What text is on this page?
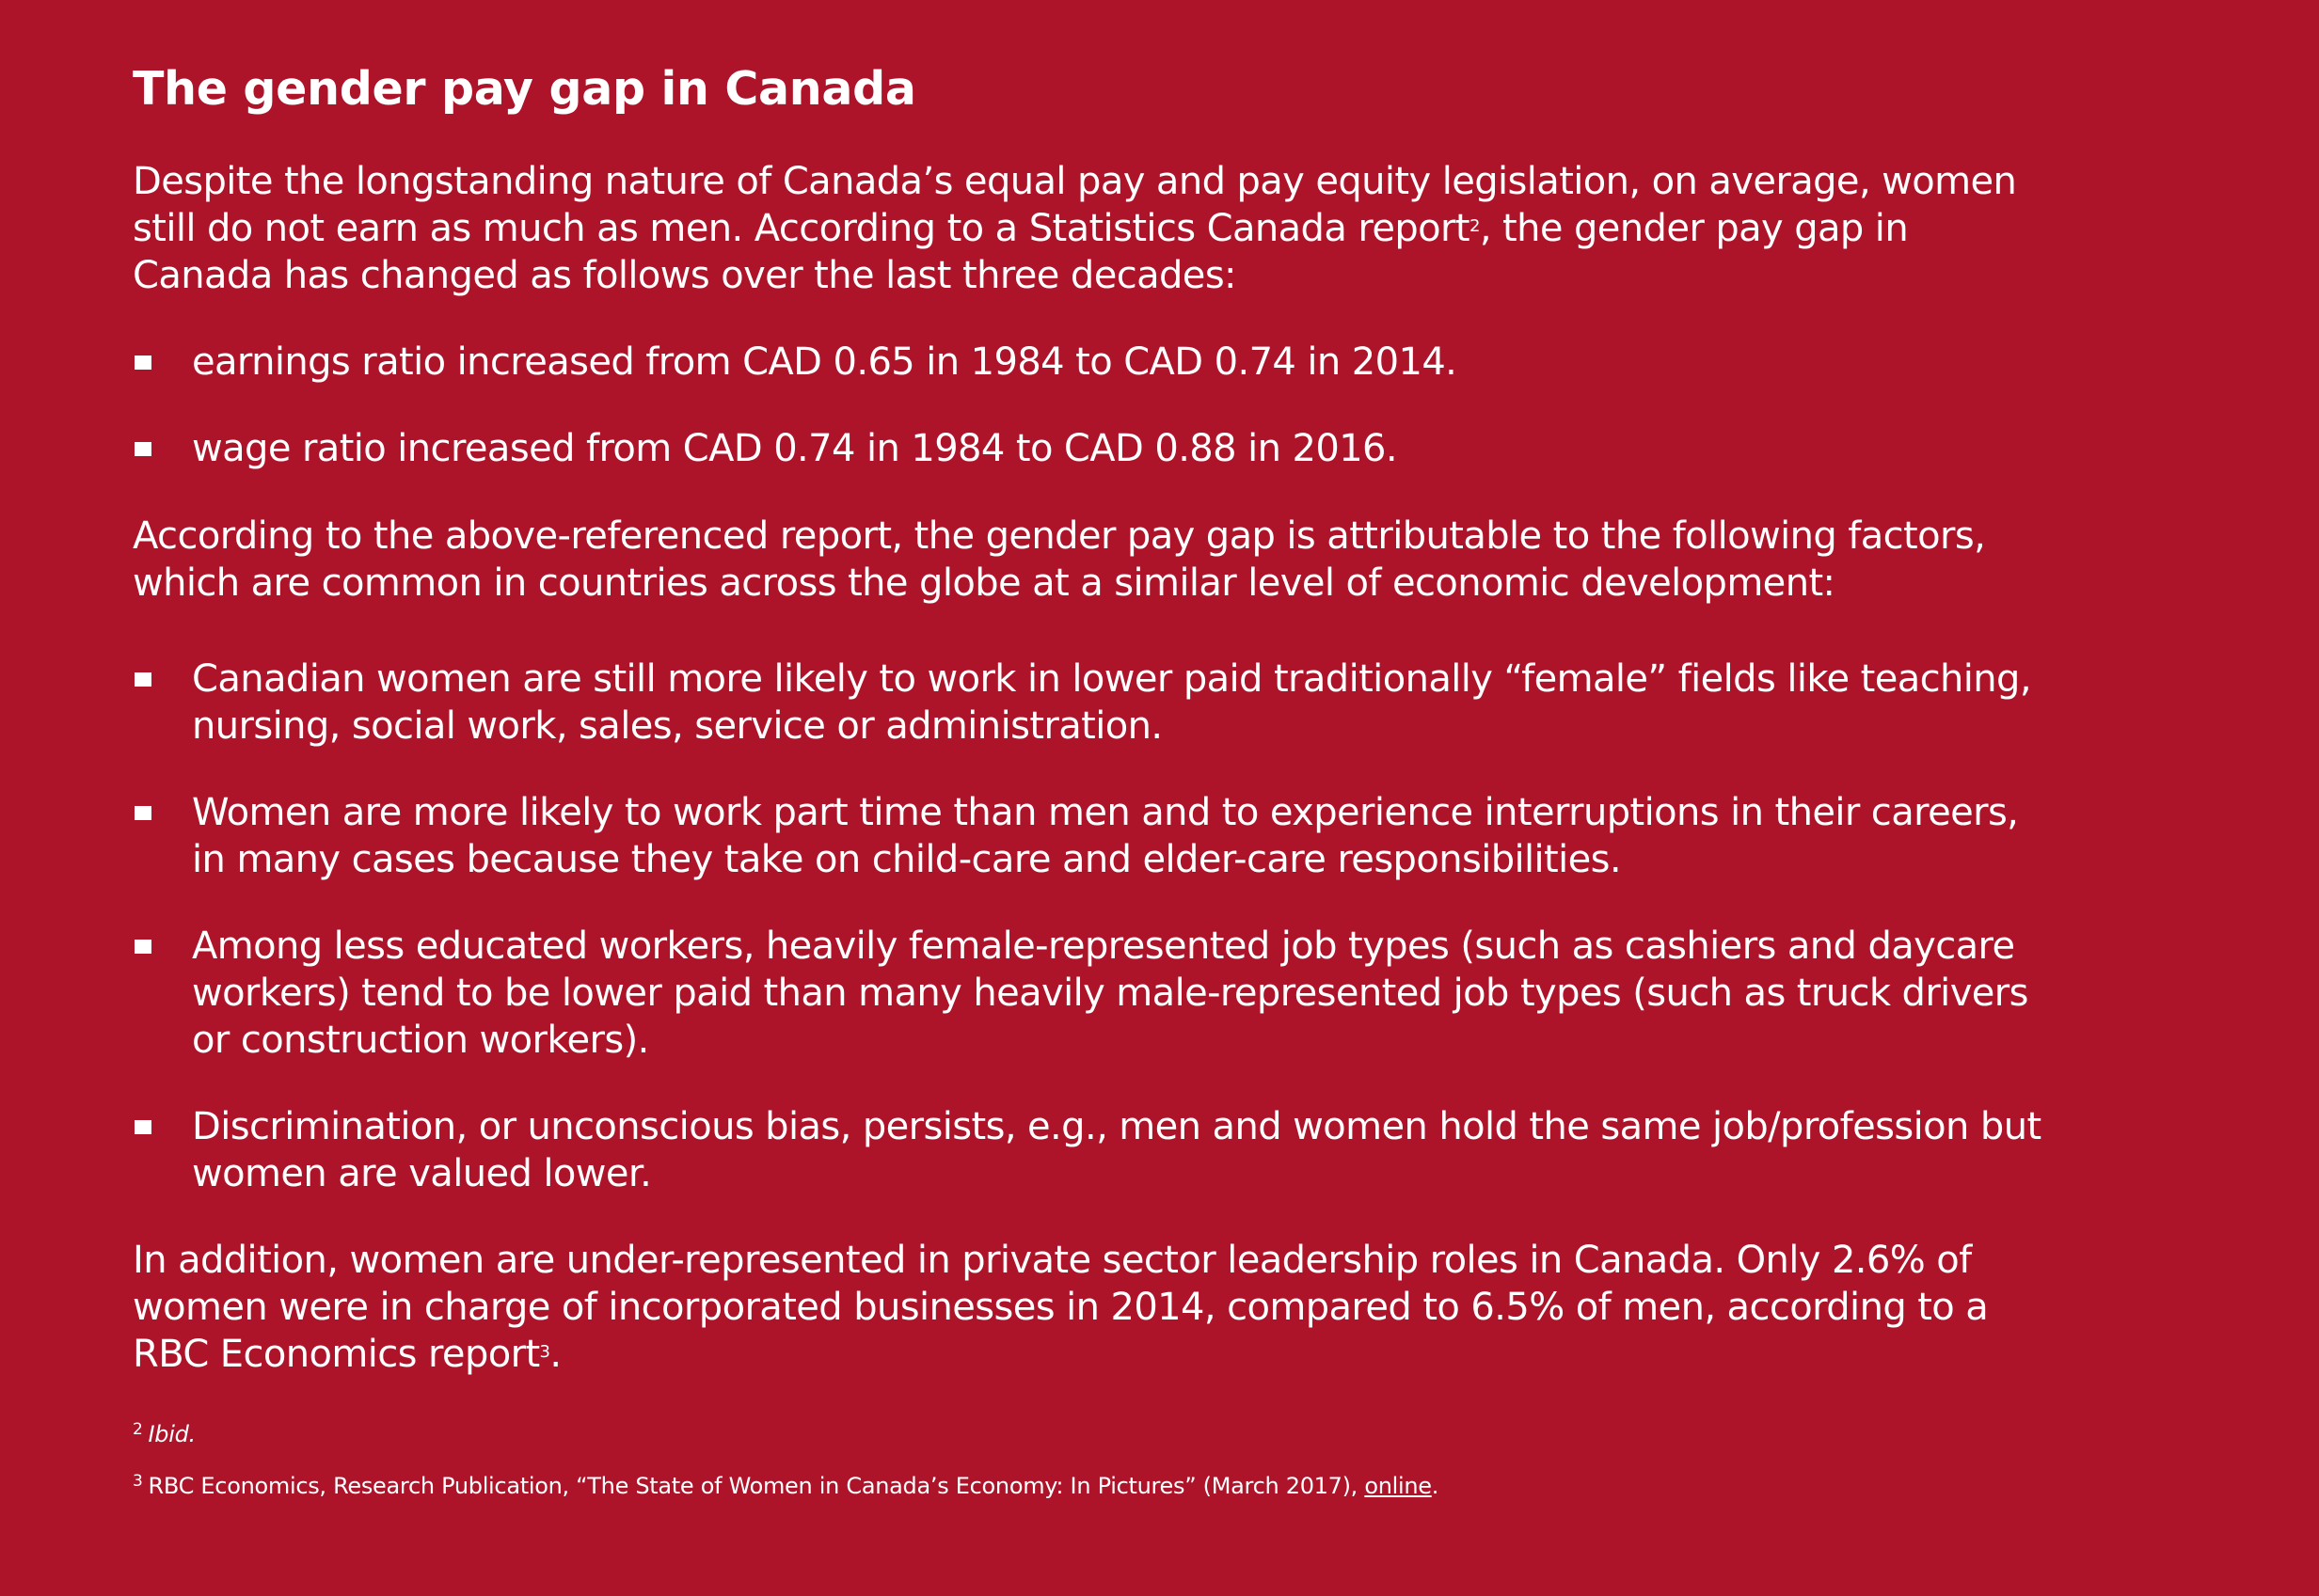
The gender pay gap in Canada

Despite the longstanding nature of Canada’s equal pay and pay equity legislation, on average, women still do not earn as much as men. According to a Statistics Canada report$^2$, the gender pay gap in Canada has changed as follows over the last three decades:

earnings ratio increased from CAD 0.65 in 1984 to CAD 0.74 in 2014.
wage ratio increased from CAD 0.74 in 1984 to CAD 0.88 in 2016.

According to the above-referenced report, the gender pay gap is attributable to the following factors, which are common in countries across the globe at a similar level of economic development:

Canadian women are still more likely to work in lower paid traditionally “female” fields like teaching, nursing, social work, sales, service or administration.
Women are more likely to work part time than men and to experience interruptions in their careers, in many cases because they take on child-care and elder-care responsibilities.
Among less educated workers, heavily female-represented job types (such as cashiers and daycare workers) tend to be lower paid than many heavily male-represented job types (such as truck drivers or construction workers).
Discrimination, or unconscious bias, persists, e.g., men and women hold the same job/profession but women are valued lower.

In addition, women are under-represented in private sector leadership roles in Canada. Only 2.6% of women were in charge of incorporated businesses in 2014, compared to 6.5% of men, according to a RBC Economics report$^3$.

$^2$ Ibid.

$^3$ RBC Economics, Research Publication, “The State of Women in Canada’s Economy: In Pictures” (March 2017), online.
